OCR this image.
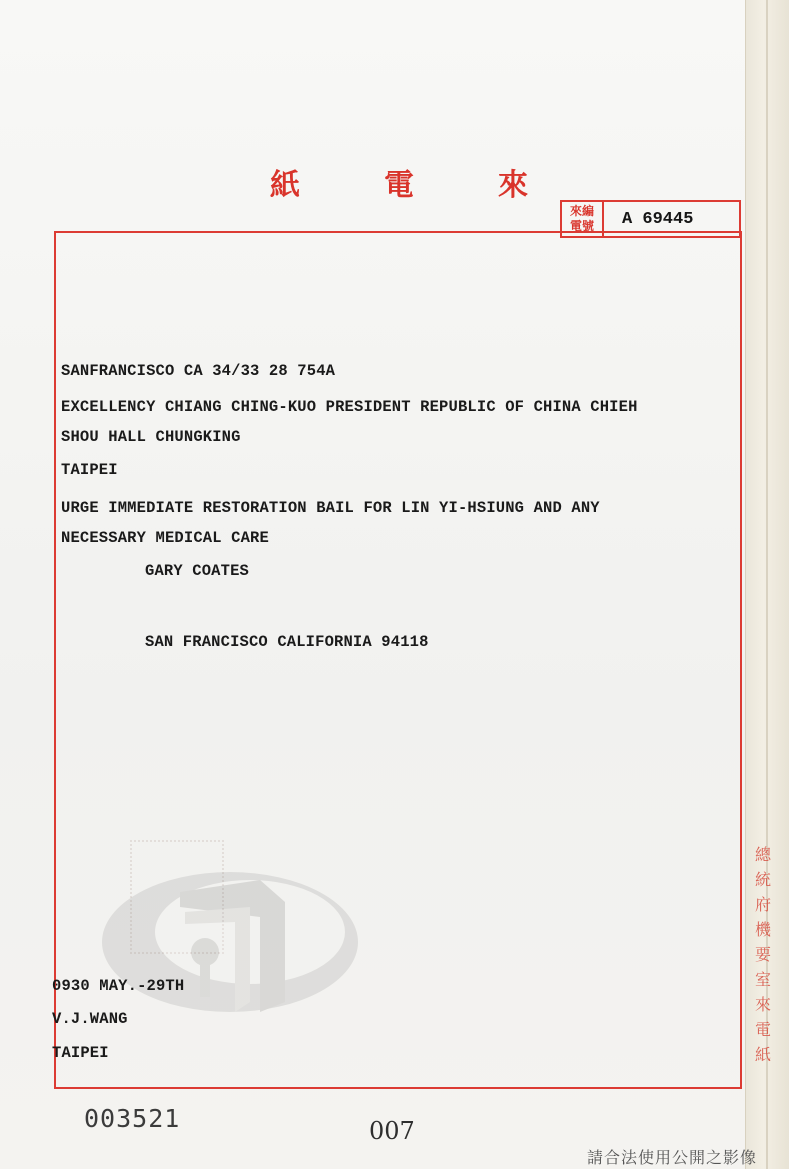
紙	電	來
來編
電號	A 69445
SANFRANCISCO CA 34/33 28 754A
EXCELLENCY CHIANG CHING-KUO PRESIDENT REPUBLIC OF CHINA CHIEH
SHOU HALL CHUNGKING
TAIPEI
URGE IMMEDIATE RESTORATION BAIL FOR LIN YI-HSIUNG AND ANY
NECESSARY MEDICAL CARE
GARY COATES
SAN FRANCISCO CALIFORNIA 94118
0930 MAY.-29TH
V.J.WANG
TAIPEI
總
統
府
機
要
室
來
電
紙
003521	007
請合法使用公開之影像
